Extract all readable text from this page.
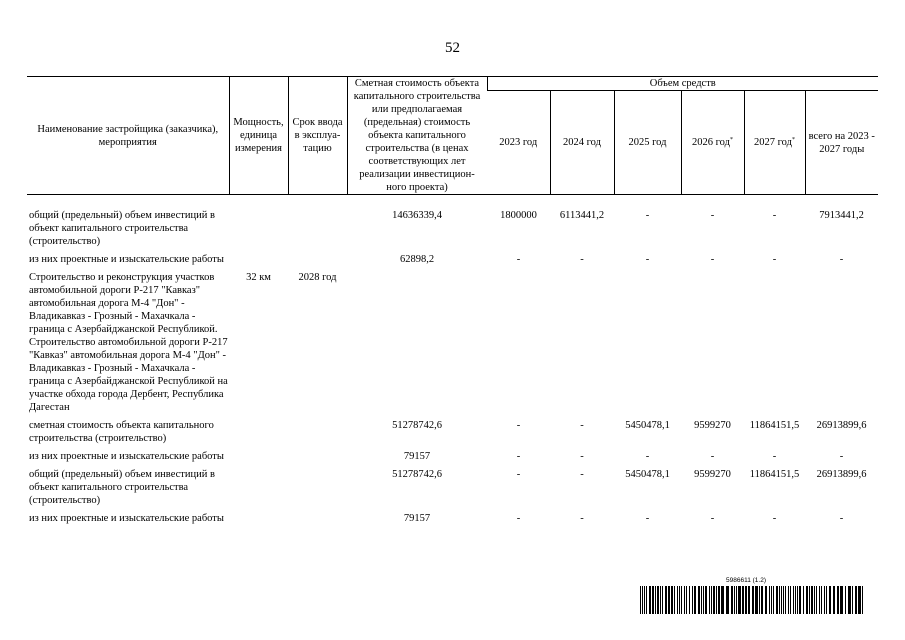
52
Наименование застройщика (заказчика), мероприятия	Мощность, единица измерения	Срок ввода в эксплуа-тацию	Сметная стоимость объекта капитального строительства или предполагаемая (предельная) стоимость объекта капитального строительства (в ценах соответствующих лет реализации инвестицион-ного проекта)	Объем средств					
				2023 год	2024 год	2025 год	2026 год*	2027 год*	всего на 2023 - 2027 годы
общий (предельный) объем инвестиций в объект капитального строительства (строительство)			14636339,4	1800000	6113441,2	-	-	-	7913441,2
из них проектные и изыскательские работы			62898,2	-	-	-	-	-	-
Строительство и реконструкция участков автомобильной дороги Р-217 "Кавказ" автомобильная дорога М-4 "Дон" - Владикавказ - Грозный - Махачкала - граница с Азербайджанской Республикой. Строительство автомобильной дороги Р-217 "Кавказ" автомобильная дорога М-4 "Дон" - Владикавказ - Грозный - Махачкала - граница с Азербайджанской Республикой на участке обхода города Дербент, Республика Дагестан	32 км	2028 год							
сметная стоимость объекта капитального строительства (строительство)			51278742,6	-	-	5450478,1	9599270	11864151,5	26913899,6
из них проектные и изыскательские работы			79157	-	-	-	-	-	-
общий (предельный) объем инвестиций в объект капитального строительства (строительство)			51278742,6	-	-	5450478,1	9599270	11864151,5	26913899,6
из них проектные и изыскательские работы			79157	-	-	-	-	-	-
5986611 (1.2)
